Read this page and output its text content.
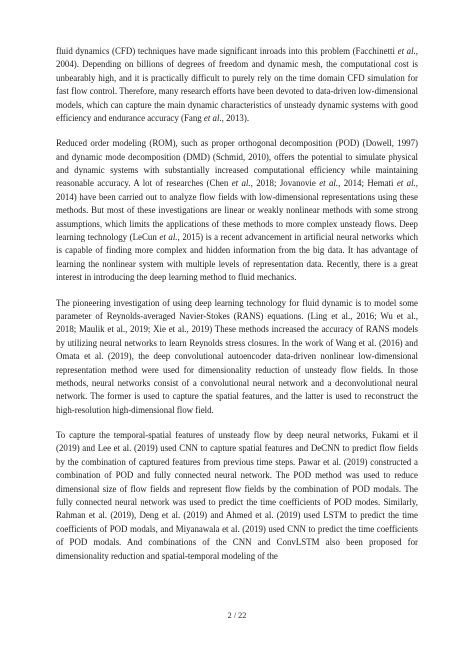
fluid dynamics (CFD) techniques have made significant inroads into this problem (Facchinetti et al., 2004). Depending on billions of degrees of freedom and dynamic mesh, the computational cost is unbearably high, and it is practically difficult to purely rely on the time domain CFD simulation for fast flow control. Therefore, many research efforts have been devoted to data-driven low-dimensional models, which can capture the main dynamic characteristics of unsteady dynamic systems with good efficiency and endurance accuracy (Fang et al., 2013).

Reduced order modeling (ROM), such as proper orthogonal decomposition (POD) (Dowell, 1997) and dynamic mode decomposition (DMD) (Schmid, 2010), offers the potential to simulate physical and dynamic systems with substantially increased computational efficiency while maintaining reasonable accuracy. A lot of researches (Chen et al., 2018; Jovanovie et al., 2014; Hemati et al., 2014) have been carried out to analyze flow fields with low-dimensional representations using these methods. But most of these investigations are linear or weakly nonlinear methods with some strong assumptions, which limits the applications of these methods to more complex unsteady flows. Deep learning technology (LeCun et al., 2015) is a recent advancement in artificial neural networks which is capable of finding more complex and hidden information from the big data. It has advantage of learning the nonlinear system with multiple levels of representation data. Recently, there is a great interest in introducing the deep learning method to fluid mechanics.

The pioneering investigation of using deep learning technology for fluid dynamic is to model some parameter of Reynolds-averaged Navier-Stokes (RANS) equations. (Ling et al., 2016; Wu et al., 2018; Maulik et al., 2019; Xie et al., 2019) These methods increased the accuracy of RANS models by utilizing neural networks to learn Reynolds stress closures. In the work of Wang et al. (2016) and Omata et al. (2019), the deep convolutional autoencoder data-driven nonlinear low-dimensional representation method were used for dimensionality reduction of unsteady flow fields. In those methods, neural networks consist of a convolutional neural network and a deconvolutional neural network. The former is used to capture the spatial features, and the latter is used to reconstruct the high-resolution high-dimensional flow field.

To capture the temporal-spatial features of unsteady flow by deep neural networks, Fukami et il (2019) and Lee et al. (2019) used CNN to capture spatial features and DeCNN to predict flow fields by the combination of captured features from previous time steps. Pawar et al. (2019) constructed a combination of POD and fully connected neural network. The POD method was used to reduce dimensional size of flow fields and represent flow fields by the combination of POD modals. The fully connected neural network was used to predict the time coefficients of POD modes. Similarly, Rahman et al. (2019), Deng et al. (2019) and Ahmed et al. (2019) used LSTM to predict the time coefficients of POD modals, and Miyanawala et al. (2019) used CNN to predict the time coefficients of POD modals. And combinations of the CNN and ConvLSTM also been proposed for dimensionality reduction and spatial-temporal modeling of the

2 / 22
